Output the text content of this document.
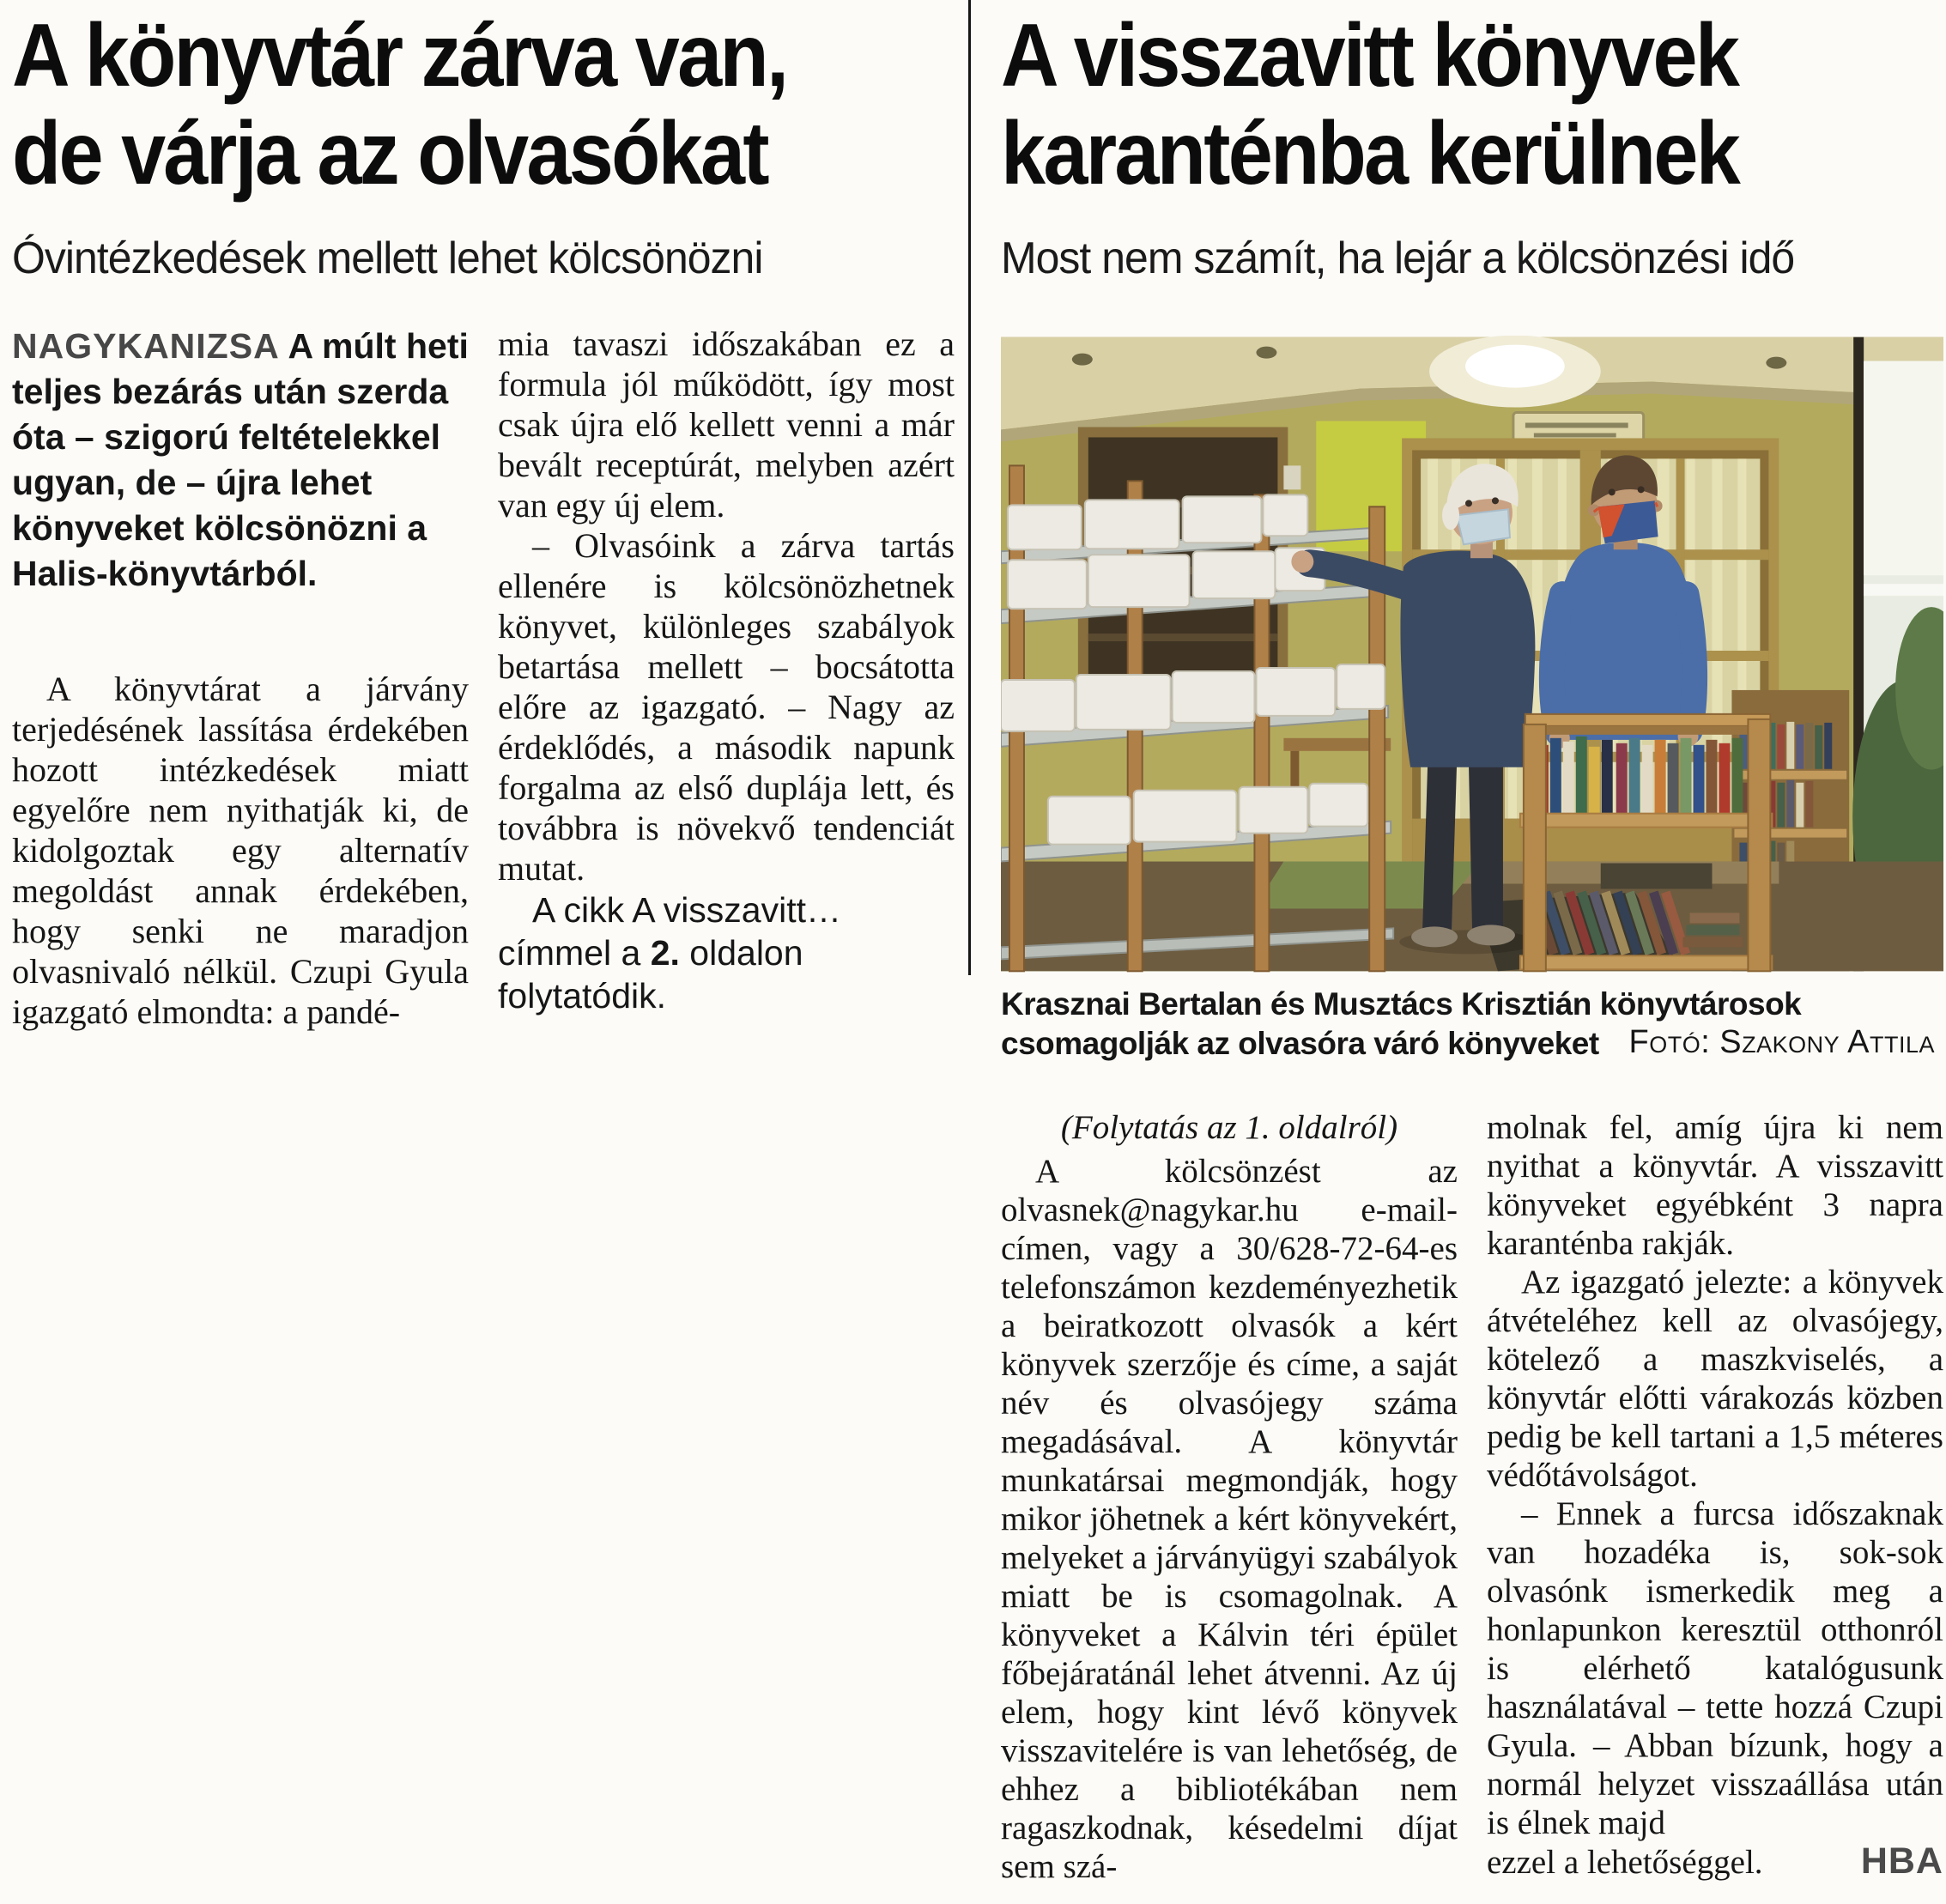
A könyvtár zárva van,
de várja az olvasókat
Óvintézkedések mellett lehet kölcsönözni

NAGYKANIZSA A múlt heti teljes bezárás után szerda óta – szigorú feltételekkel ugyan, de – újra lehet könyveket kölcsönözni a Halis-könyvtárból.

A könyvtárat a járvány terjedésének lassítása érdekében hozott intézkedések miatt egyelőre nem nyithatják ki, de kidolgoztak egy alternatív megoldást annak érdekében, hogy senki ne maradjon olvasnivaló nélkül. Czupi Gyula igazgató elmondta: a pandé-

mia tavaszi időszakában ez a formula jól működött, így most csak újra elő kellett venni a már bevált receptúrát, melyben azért van egy új elem.

– Olvasóink a zárva tartás ellenére is kölcsönözhetnek könyvet, különleges szabályok betartása mellett – bocsátotta előre az igazgató. – Nagy az érdeklődés, a második napunk forgalma az első duplája lett, és továbbra is növekvő tendenciát mutat.

A cikk A visszavitt… címmel a 2. oldalon folytatódik.

A visszavitt könyvek
karanténba kerülnek
Most nem számít, ha lejár a kölcsönzési idő
Krasznai Bertalan és Musztács Krisztián könyvtárosok csomagolják az olvasóra váró könyveket Fotó: Szakony Attila

(Folytatás az 1. oldalról)

A kölcsönzést az olvasnek@nagykar.hu e-mail-címen, vagy a 30/628-72-64-es telefonszámon kezdeményezhetik a beiratkozott olvasók a kért könyvek szerzője és címe, a saját név és olvasójegy száma megadásával. A könyvtár munkatársai megmondják, hogy mikor jöhetnek a kért könyvekért, melyeket a járványügyi szabályok miatt be is csomagolnak. A könyveket a Kálvin téri épület főbejáratánál lehet átvenni. Az új elem, hogy kint lévő könyvek visszavitelére is van lehetőség, de ehhez a bibliotékában nem ragaszkodnak, késedelmi díjat sem szá-

molnak fel, amíg újra ki nem nyithat a könyvtár. A visszavitt könyveket egyébként 3 napra karanténba rakják.

Az igazgató jelezte: a könyvek átvételéhez kell az olvasójegy, kötelező a maszkviselés, a könyvtár előtti várakozás közben pedig be kell tartani a 1,5 méteres védőtávolságot.

– Ennek a furcsa időszaknak van hozadéka is, sok-sok olvasónk ismerkedik meg a honlapunkon keresztül otthonról is elérhető katalógusunk használatával – tette hozzá Czupi Gyula. – Abban bízunk, hogy a normál helyzet visszaállása után is élnek majd

ezzel a lehetőséggel.	HBA
